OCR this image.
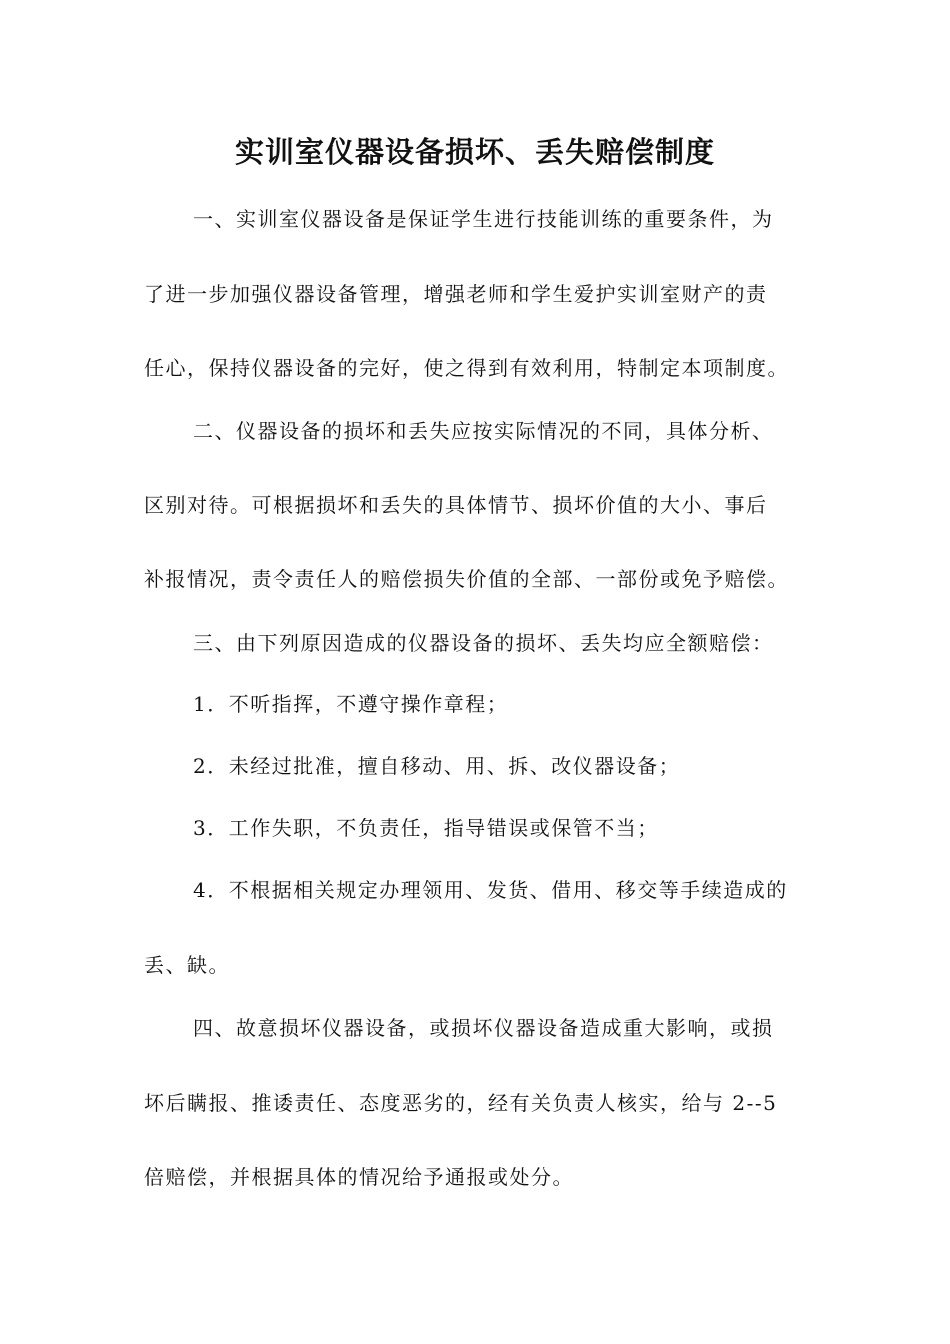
实训室仪器设备损坏、丢失赔偿制度
一、实训室仪器设备是保证学生进行技能训练的重要条件，为
了进一步加强仪器设备管理，增强老师和学生爱护实训室财产的责
任心，保持仪器设备的完好，使之得到有效利用，特制定本项制度。
二、仪器设备的损坏和丢失应按实际情况的不同，具体分析、
区别对待。可根据损坏和丢失的具体情节、损坏价值的大小、事后
补报情况，责令责任人的赔偿损失价值的全部、一部份或免予赔偿。
三、由下列原因造成的仪器设备的损坏、丢失均应全额赔偿：
1．不听指挥，不遵守操作章程；
2．未经过批准，擅自移动、用、拆、改仪器设备；
3．工作失职，不负责任，指导错误或保管不当；
4．不根据相关规定办理领用、发货、借用、移交等手续造成的
丢、缺。
四、故意损坏仪器设备，或损坏仪器设备造成重大影响，或损
坏后瞒报、推诿责任、态度恶劣的，经有关负责人核实，给与 2--5
倍赔偿，并根据具体的情况给予通报或处分。
